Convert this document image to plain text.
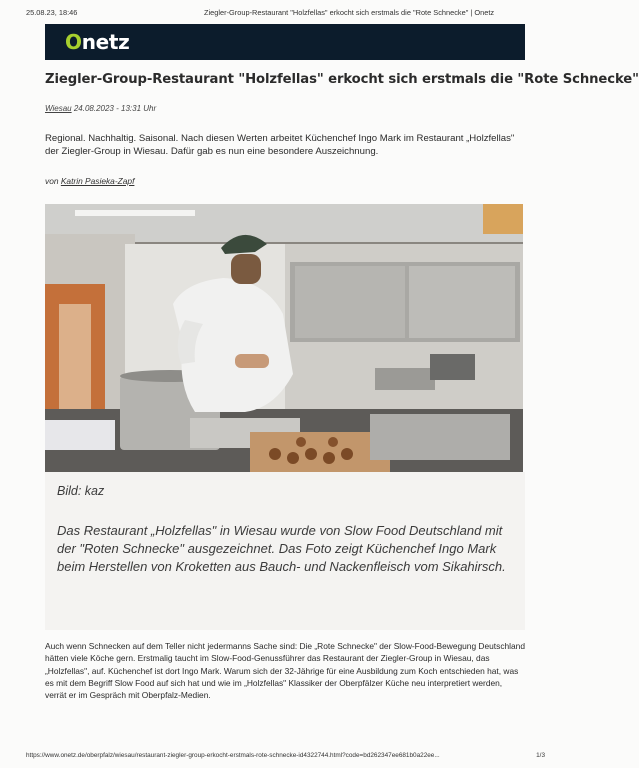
25.08.23, 18:46	Ziegler-Group-Restaurant "Holzfellas" erkocht sich erstmals die "Rote Schnecke" | Onetz
Onetz
Ziegler-Group-Restaurant "Holzfellas" erkocht sich erstmals die "Rote Schnecke"
Wiesau 24.08.2023 - 13:31 Uhr
Regional. Nachhaltig. Saisonal. Nach diesen Werten arbeitet Küchenchef Ingo Mark im Restaurant „Holzfellas" der Ziegler-Group in Wiesau. Dafür gab es nun eine besondere Auszeichnung.
von Katrin Pasieka-Zapf
Bild: kaz
Das Restaurant „Holzfellas" in Wiesau wurde von Slow Food Deutschland mit der "Roten Schnecke" ausgezeichnet. Das Foto zeigt Küchenchef Ingo Mark beim Herstellen von Kroketten aus Bauch- und Nackenfleisch vom Sikahirsch.
Auch wenn Schnecken auf dem Teller nicht jedermanns Sache sind: Die „Rote Schnecke" der Slow-Food-Bewegung Deutschland hätten viele Köche gern. Erstmalig taucht im Slow-Food-Genussführer das Restaurant der Ziegler-Group in Wiesau, das „Holzfellas", auf. Küchenchef ist dort Ingo Mark. Warum sich der 32-Jährige für eine Ausbildung zum Koch entschieden hat, was es mit dem Begriff Slow Food auf sich hat und wie im „Holzfellas" Klassiker der Oberpfälzer Küche neu interpretiert werden, verrät er im Gespräch mit Oberpfalz-Medien.
https://www.onetz.de/oberpfalz/wiesau/restaurant-ziegler-group-erkocht-erstmals-rote-schnecke-id4322744.html?code=bd262347ee681b0a22ee...	1/3
